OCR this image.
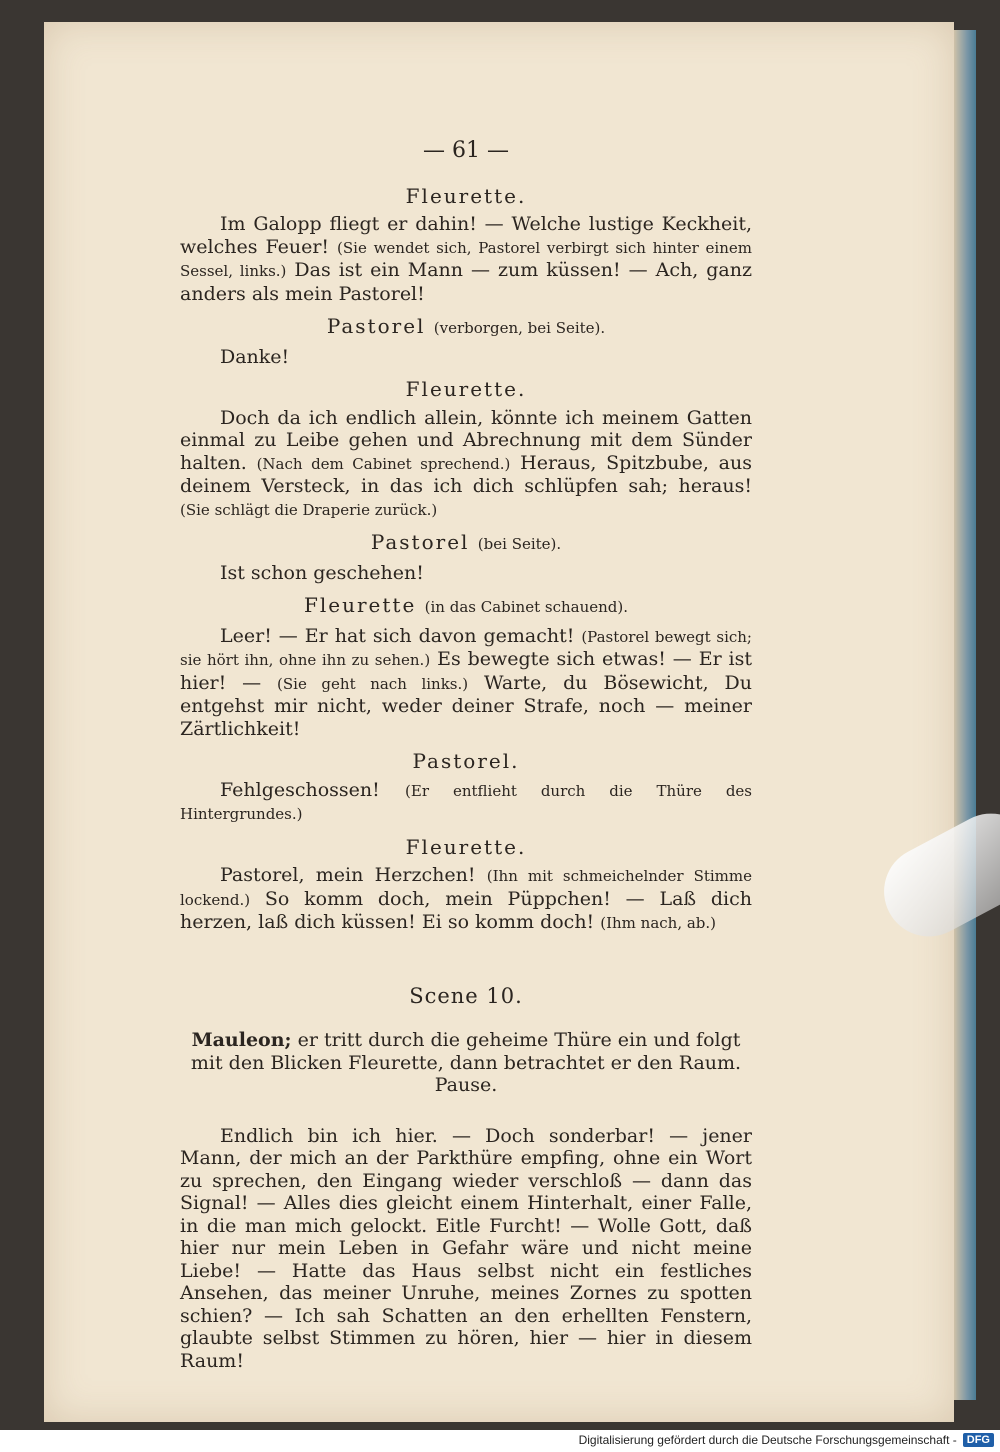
— 61 —
Fleurette.

Im Galopp fliegt er dahin! — Welche lustige Keckheit, welches Feuer! (Sie wendet sich, Pastorel verbirgt sich hinter einem Sessel, links.) Das ist ein Mann — zum küssen! — Ach, ganz anders als mein Pastorel!

Pastorel (verborgen, bei Seite).

Danke!

Fleurette.

Doch da ich endlich allein, könnte ich meinem Gatten einmal zu Leibe gehen und Abrechnung mit dem Sünder halten. (Nach dem Cabinet sprechend.) Heraus, Spitzbube, aus deinem Versteck, in das ich dich schlüpfen sah; heraus! (Sie schlägt die Draperie zurück.)

Pastorel (bei Seite).

Ist schon geschehen!

Fleurette (in das Cabinet schauend).

Leer! — Er hat sich davon gemacht! (Pastorel bewegt sich; sie hört ihn, ohne ihn zu sehen.) Es bewegte sich etwas! — Er ist hier! — (Sie geht nach links.) Warte, du Bösewicht, Du entgehst mir nicht, weder deiner Strafe, noch — meiner Zärtlichkeit!

Pastorel.

Fehlgeschossen! (Er entflieht durch die Thüre des Hintergrundes.)

Fleurette.

Pastorel, mein Herzchen! (Ihn mit schmeichelnder Stimme lockend.) So komm doch, mein Püppchen! — Laß dich herzen, laß dich küssen! Ei so komm doch! (Ihm nach, ab.)

Scene 10.

Mauleon; er tritt durch die geheime Thüre ein und folgt mit den Blicken Fleurette, dann betrachtet er den Raum. Pause.

Endlich bin ich hier. — Doch sonderbar! — jener Mann, der mich an der Parkthüre empfing, ohne ein Wort zu sprechen, den Eingang wieder verschloß — dann das Signal! — Alles dies gleicht einem Hinterhalt, einer Falle, in die man mich gelockt. Eitle Furcht! — Wolle Gott, daß hier nur mein Leben in Gefahr wäre und nicht meine Liebe! — Hatte das Haus selbst nicht ein festliches Ansehen, das meiner Unruhe, meines Zornes zu spotten schien? — Ich sah Schatten an den erhellten Fenstern, glaubte selbst Stimmen zu hören, hier — hier in diesem Raum!

Digitalisierung gefördert durch die Deutsche Forschungsgemeinschaft - DFG
